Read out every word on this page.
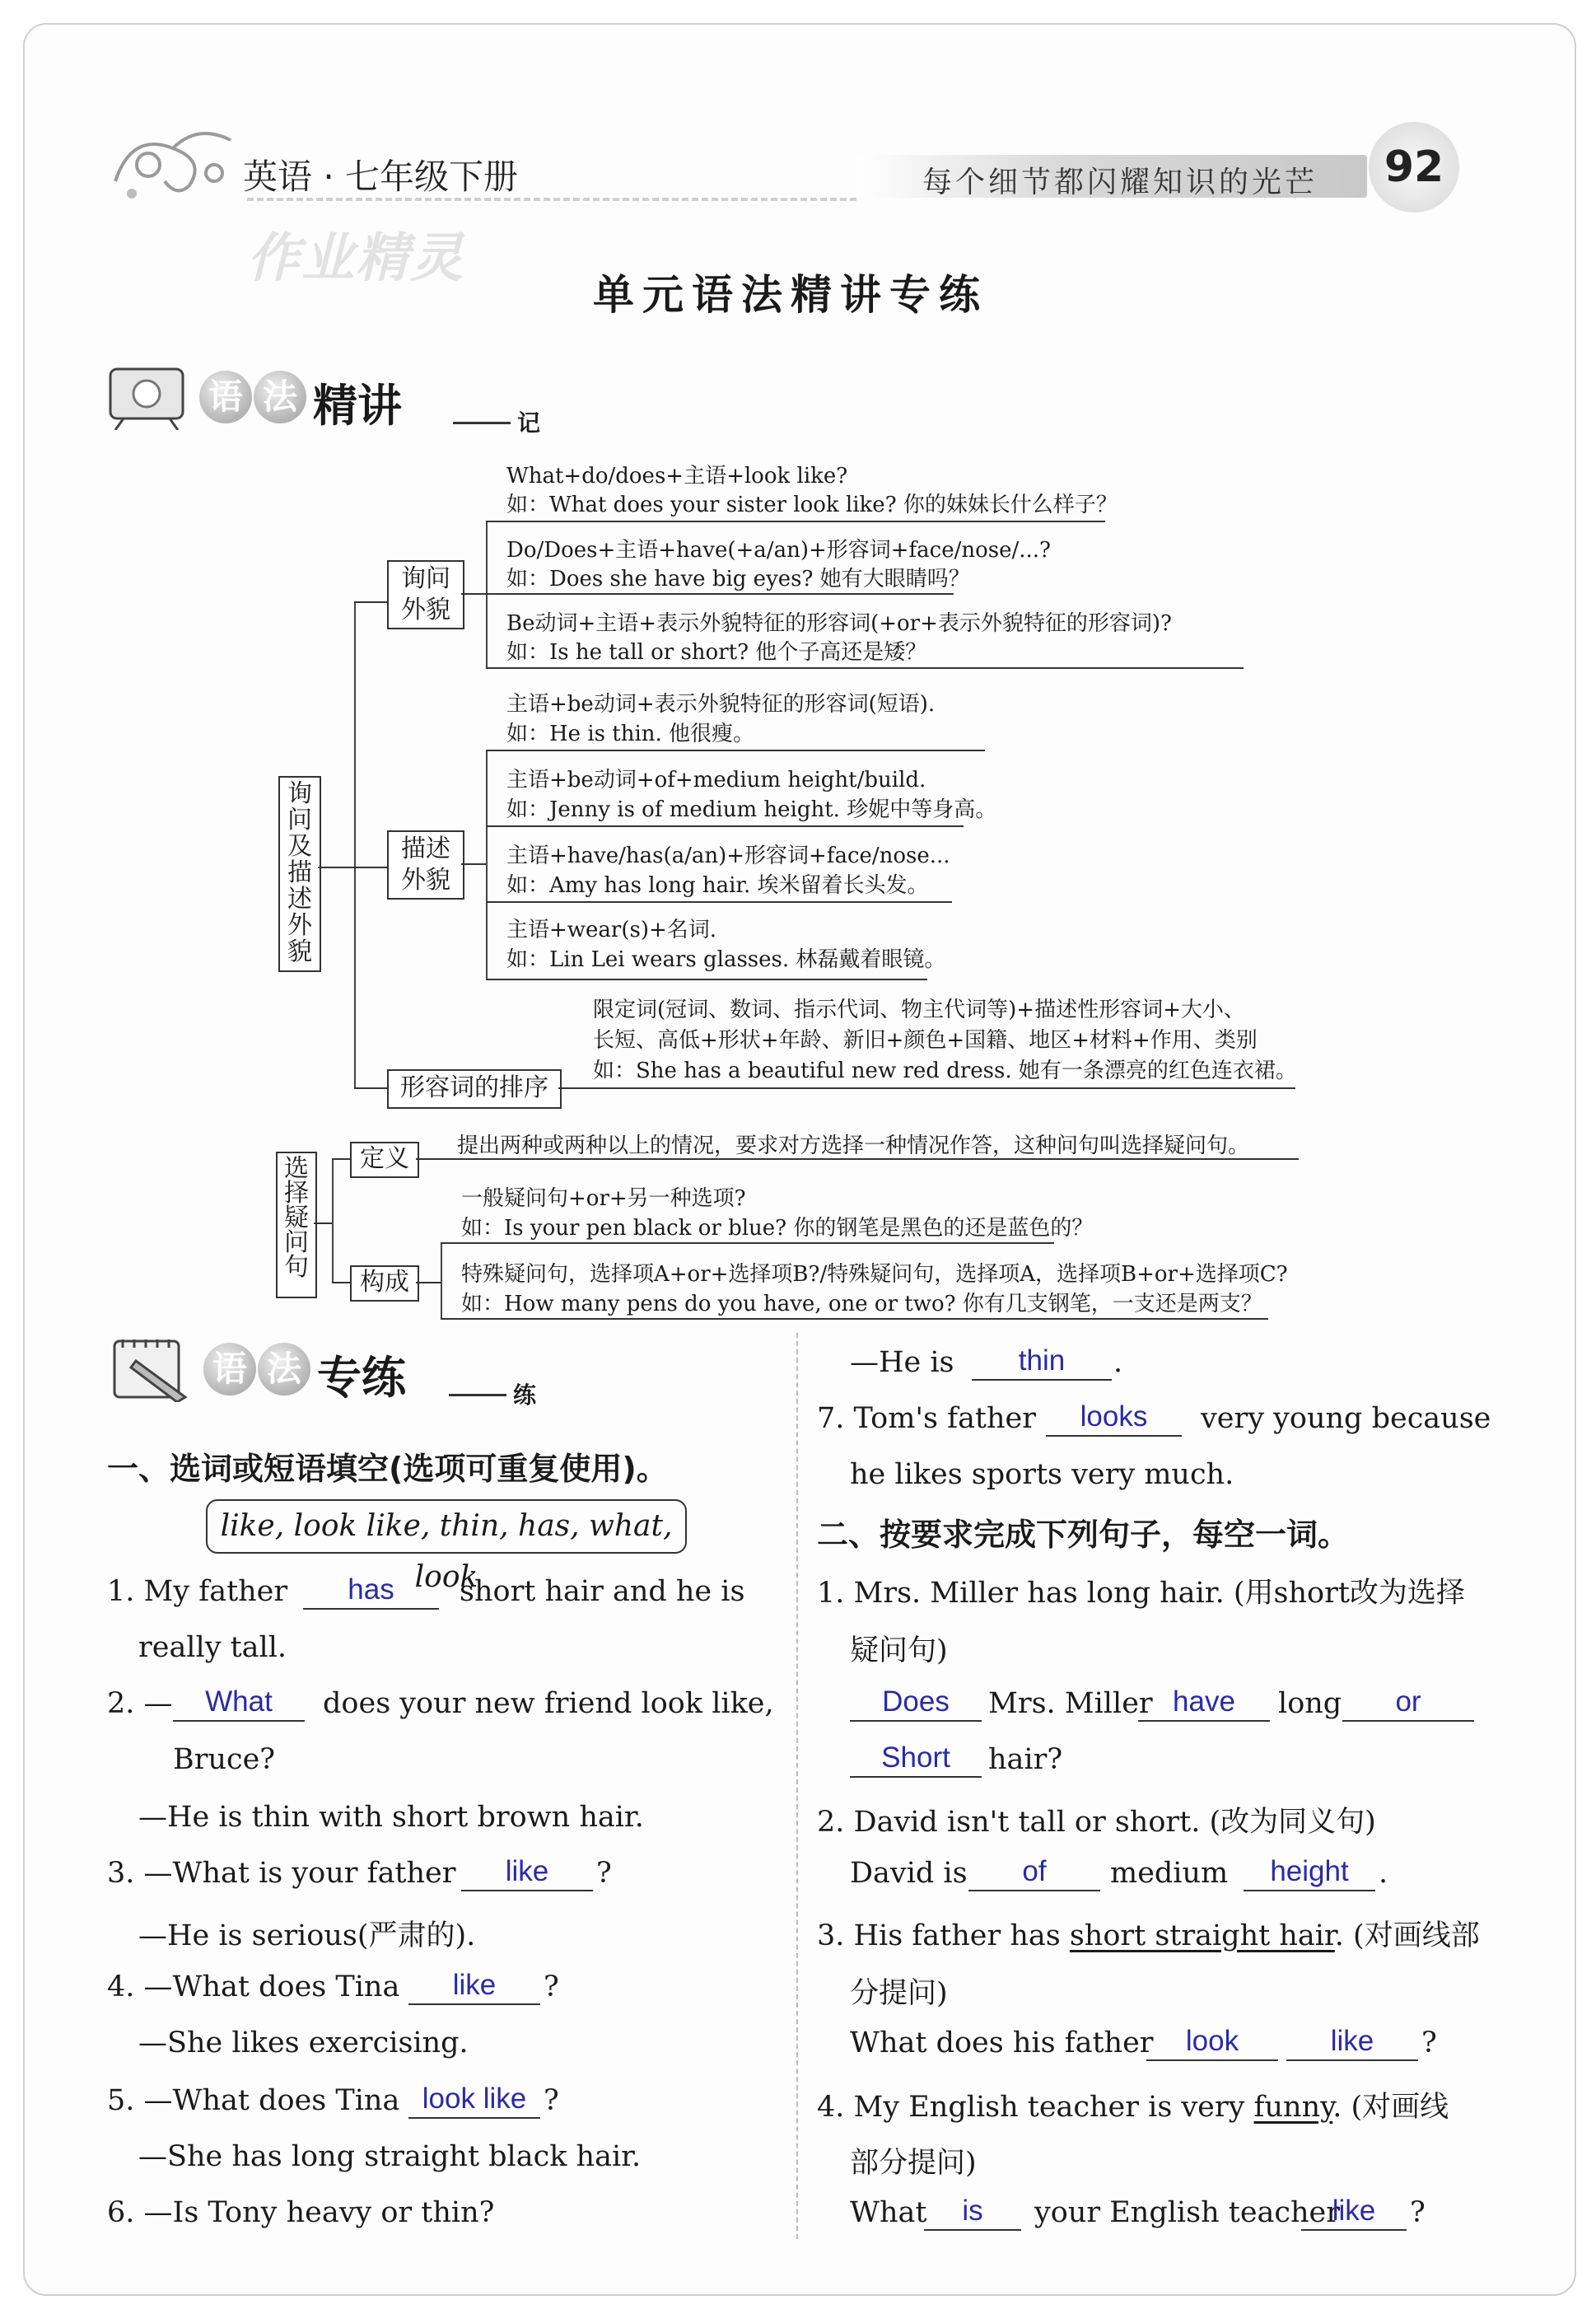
英语 · 七年级下册	每个细节都闪耀知识的光芒	92
作业精灵
单元语法精讲专练
语 法 精讲	记
询问及描述外貌
询问外貌
What+do/does+主语+look like?
如：What does your sister look like? 你的妹妹长什么样子？
Do/Does+主语+have(+a/an)+形容词+face/nose/...?
如：Does she have big eyes? 她有大眼睛吗？
Be动词+主语+表示外貌特征的形容词(+or+表示外貌特征的形容词)?
如：Is he tall or short? 他个子高还是矮？
描述外貌
主语+be动词+表示外貌特征的形容词(短语).
如：He is thin. 他很瘦。
主语+be动词+of+medium height/build.
如：Jenny is of medium height. 珍妮中等身高。
主语+have/has(a/an)+形容词+face/nose...
如：Amy has long hair. 埃米留着长头发。
主语+wear(s)+名词.
如：Lin Lei wears glasses. 林磊戴着眼镜。
形容词的排序
限定词(冠词、数词、指示代词、物主代词等)+描述性形容词+大小、
长短、高低+形状+年龄、新旧+颜色+国籍、地区+材料+作用、类别
如：She has a beautiful new red dress. 她有一条漂亮的红色连衣裙。
选择疑问句
定义	提出两种或两种以上的情况，要求对方选择一种情况作答，这种问句叫选择疑问句。
构成
一般疑问句+or+另一种选项?
如：Is your pen black or blue? 你的钢笔是黑色的还是蓝色的？
特殊疑问句，选择项A+or+选择项B?/特殊疑问句，选择项A，选择项B+or+选择项C?
如：How many pens do you have, one or two? 你有几支钢笔，一支还是两支？
语 法 专练	练
一、选词或短语填空(选项可重复使用)。
like, look like, thin, has, what, look
1. My father	has	short hair and he is
really tall.
2. —	What	does your new friend look like,
Bruce?
—He is thin with short brown hair.
3. —What is your father	like	?
—He is serious(严肃的).
4. —What does Tina	like	?
—She likes exercising.
5. —What does Tina look like ?
—She has long straight black hair.
6. —Is Tony heavy or thin?
—He is	thin	.
7. Tom's father	looks	very young because
he likes sports very much.
二、按要求完成下列句子，每空一词。
1. Mrs. Miller has long hair. (用short改为选择
疑问句)
Does	Mrs. Miller have	long	or
Short	hair?
2. David isn't tall or short. (改为同义句)
David is	of	medium	height	.
3. His father has short straight hair. (对画线部
分提问)
What does his father	look	like	?
4. My English teacher is very funny. (对画线
部分提问)
What	is	your English teacher
like	?
